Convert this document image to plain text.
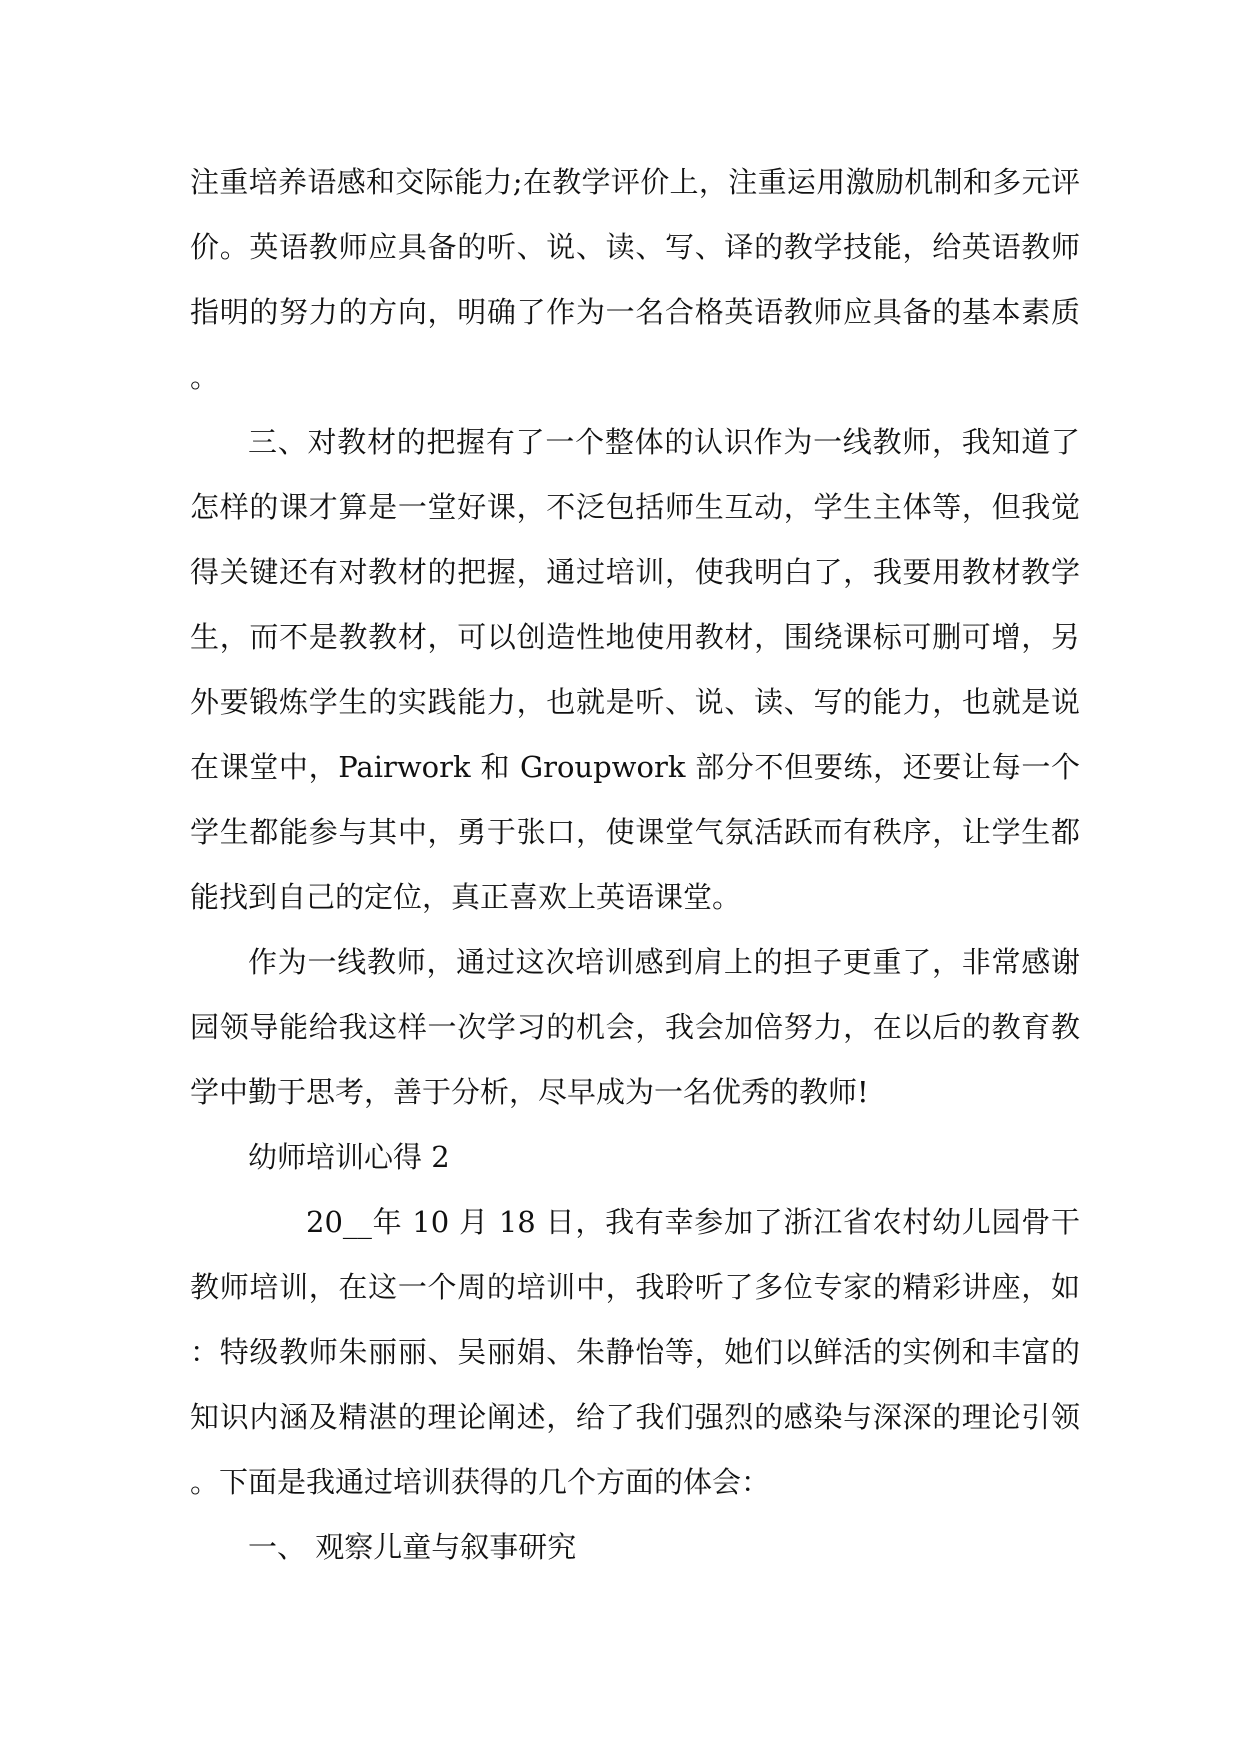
注重培养语感和交际能力;在教学评价上，注重运用激励机制和多元评价。英语教师应具备的听、说、读、写、译的教学技能，给英语教师指明的努力的方向，明确了作为一名合格英语教师应具备的基本素质。

三、对教材的把握有了一个整体的认识作为一线教师，我知道了怎样的课才算是一堂好课，不泛包括师生互动，学生主体等，但我觉得关键还有对教材的把握，通过培训，使我明白了，我要用教材教学生，而不是教教材，可以创造性地使用教材，围绕课标可删可增，另外要锻炼学生的实践能力，也就是听、说、读、写的能力，也就是说在课堂中，Pairwork 和 Groupwork 部分不但要练，还要让每一个学生都能参与其中，勇于张口，使课堂气氛活跃而有秩序，让学生都能找到自己的定位，真正喜欢上英语课堂。

作为一线教师，通过这次培训感到肩上的担子更重了，非常感谢园领导能给我这样一次学习的机会，我会加倍努力，在以后的教育教学中勤于思考，善于分析，尽早成为一名优秀的教师!

幼师培训心得 2

20__年 10 月 18 日，我有幸参加了浙江省农村幼儿园骨干教师培训，在这一个周的培训中，我聆听了多位专家的精彩讲座，如：特级教师朱丽丽、吴丽娟、朱静怡等，她们以鲜活的实例和丰富的知识内涵及精湛的理论阐述，给了我们强烈的感染与深深的理论引领。下面是我通过培训获得的几个方面的体会：

一、 观察儿童与叙事研究
